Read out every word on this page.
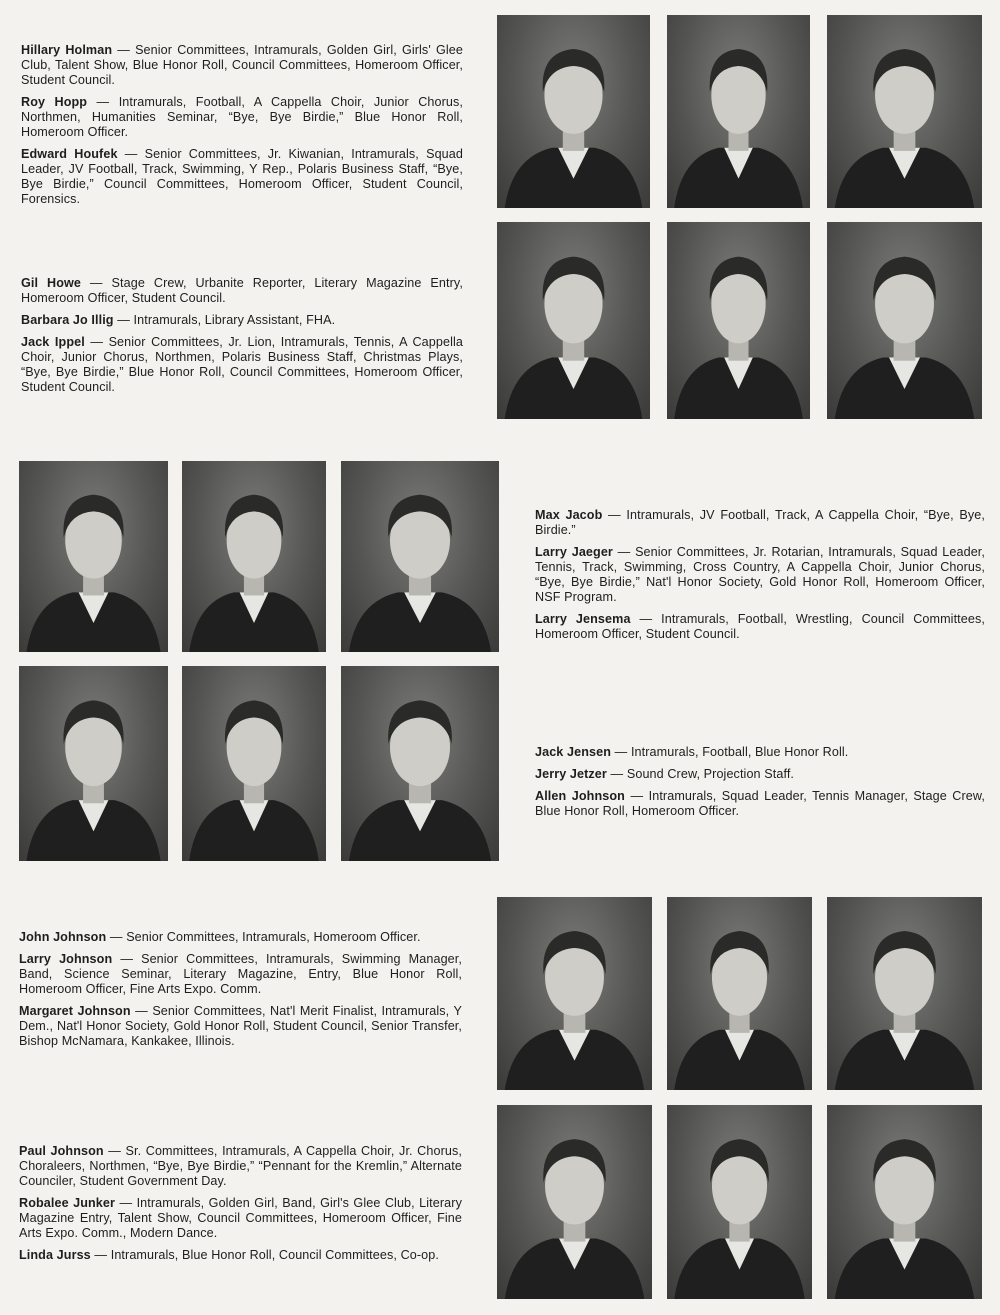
Hillary Holman — Senior Committees, Intramurals, Golden Girl, Girls' Glee Club, Talent Show, Blue Honor Roll, Council Committees, Homeroom Officer, Student Council.

Roy Hopp — Intramurals, Football, A Cappella Choir, Junior Chorus, Northmen, Humanities Seminar, “Bye, Bye Birdie,” Blue Honor Roll, Homeroom Officer.

Edward Houfek — Senior Committees, Jr. Kiwanian, Intramurals, Squad Leader, JV Football, Track, Swimming, Y Rep., Polaris Business Staff, “Bye, Bye Birdie,” Council Committees, Homeroom Officer, Student Council, Forensics.

Gil Howe — Stage Crew, Urbanite Reporter, Literary Magazine Entry, Homeroom Officer, Student Council.

Barbara Jo Illig — Intramurals, Library Assistant, FHA.

Jack Ippel — Senior Committees, Jr. Lion, Intramurals, Tennis, A Cappella Choir, Junior Chorus, Northmen, Polaris Business Staff, Christmas Plays, “Bye, Bye Birdie,” Blue Honor Roll, Council Committees, Homeroom Officer, Student Council.

Max Jacob — Intramurals, JV Football, Track, A Cappella Choir, “Bye, Bye, Birdie.”

Larry Jaeger — Senior Committees, Jr. Rotarian, Intramurals, Squad Leader, Tennis, Track, Swimming, Cross Country, A Cappella Choir, Junior Chorus, “Bye, Bye Birdie,” Nat'l Honor Society, Gold Honor Roll, Homeroom Officer, NSF Program.

Larry Jensema — Intramurals, Football, Wrestling, Council Committees, Homeroom Officer, Student Council.

Jack Jensen — Intramurals, Football, Blue Honor Roll.

Jerry Jetzer — Sound Crew, Projection Staff.

Allen Johnson — Intramurals, Squad Leader, Tennis Manager, Stage Crew, Blue Honor Roll, Homeroom Officer.

John Johnson — Senior Committees, Intramurals, Homeroom Officer.

Larry Johnson — Senior Committees, Intramurals, Swimming Manager, Band, Science Seminar, Literary Magazine, Entry, Blue Honor Roll, Homeroom Officer, Fine Arts Expo. Comm.

Margaret Johnson — Senior Committees, Nat'l Merit Finalist, Intramurals, Y Dem., Nat'l Honor Society, Gold Honor Roll, Student Council, Senior Transfer, Bishop McNamara, Kankakee, Illinois.

Paul Johnson — Sr. Committees, Intramurals, A Cappella Choir, Jr. Chorus, Choraleers, Northmen, “Bye, Bye Birdie,” “Pennant for the Kremlin,” Alternate Counciler, Student Government Day.

Robalee Junker — Intramurals, Golden Girl, Band, Girl's Glee Club, Literary Magazine Entry, Talent Show, Council Committees, Homeroom Officer, Fine Arts Expo. Comm., Modern Dance.

Linda Jurss — Intramurals, Blue Honor Roll, Council Committees, Co-op.
